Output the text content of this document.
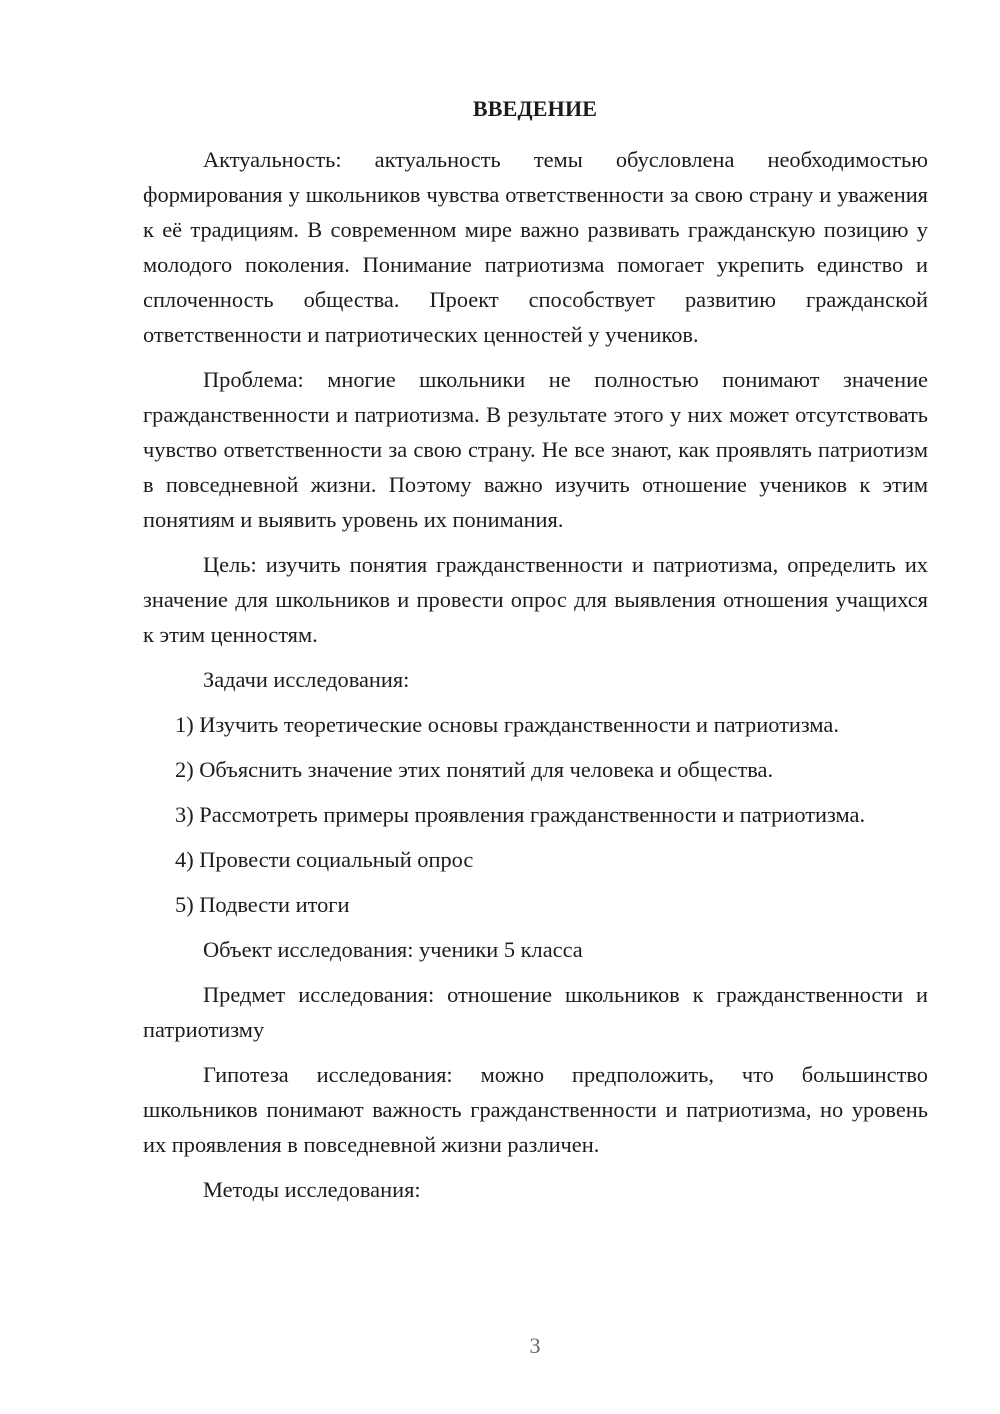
ВВЕДЕНИЕ

Актуальность: актуальность темы обусловлена необходимостью формирования у школьников чувства ответственности за свою страну и уважения к её традициям. В современном мире важно развивать гражданскую позицию у молодого поколения. Понимание патриотизма помогает укрепить единство и сплоченность общества. Проект способствует развитию гражданской ответственности и патриотических ценностей у учеников.

Проблема: многие школьники не полностью понимают значение гражданственности и патриотизма. В результате этого у них может отсутствовать чувство ответственности за свою страну. Не все знают, как проявлять патриотизм в повседневной жизни. Поэтому важно изучить отношение учеников к этим понятиям и выявить уровень их понимания.

Цель: изучить понятия гражданственности и патриотизма, определить их значение для школьников и провести опрос для выявления отношения учащихся к этим ценностям.

Задачи исследования:

1) Изучить теоретические основы гражданственности и патриотизма.

2) Объяснить значение этих понятий для человека и общества.

3) Рассмотреть примеры проявления гражданственности и патриотизма.

4) Провести социальный опрос

5) Подвести итоги

Объект исследования: ученики 5 класса

Предмет исследования: отношение школьников к гражданственности и патриотизму

Гипотеза исследования: можно предположить, что большинство школьников понимают важность гражданственности и патриотизма, но уровень их проявления в повседневной жизни различен.

Методы исследования:

3
